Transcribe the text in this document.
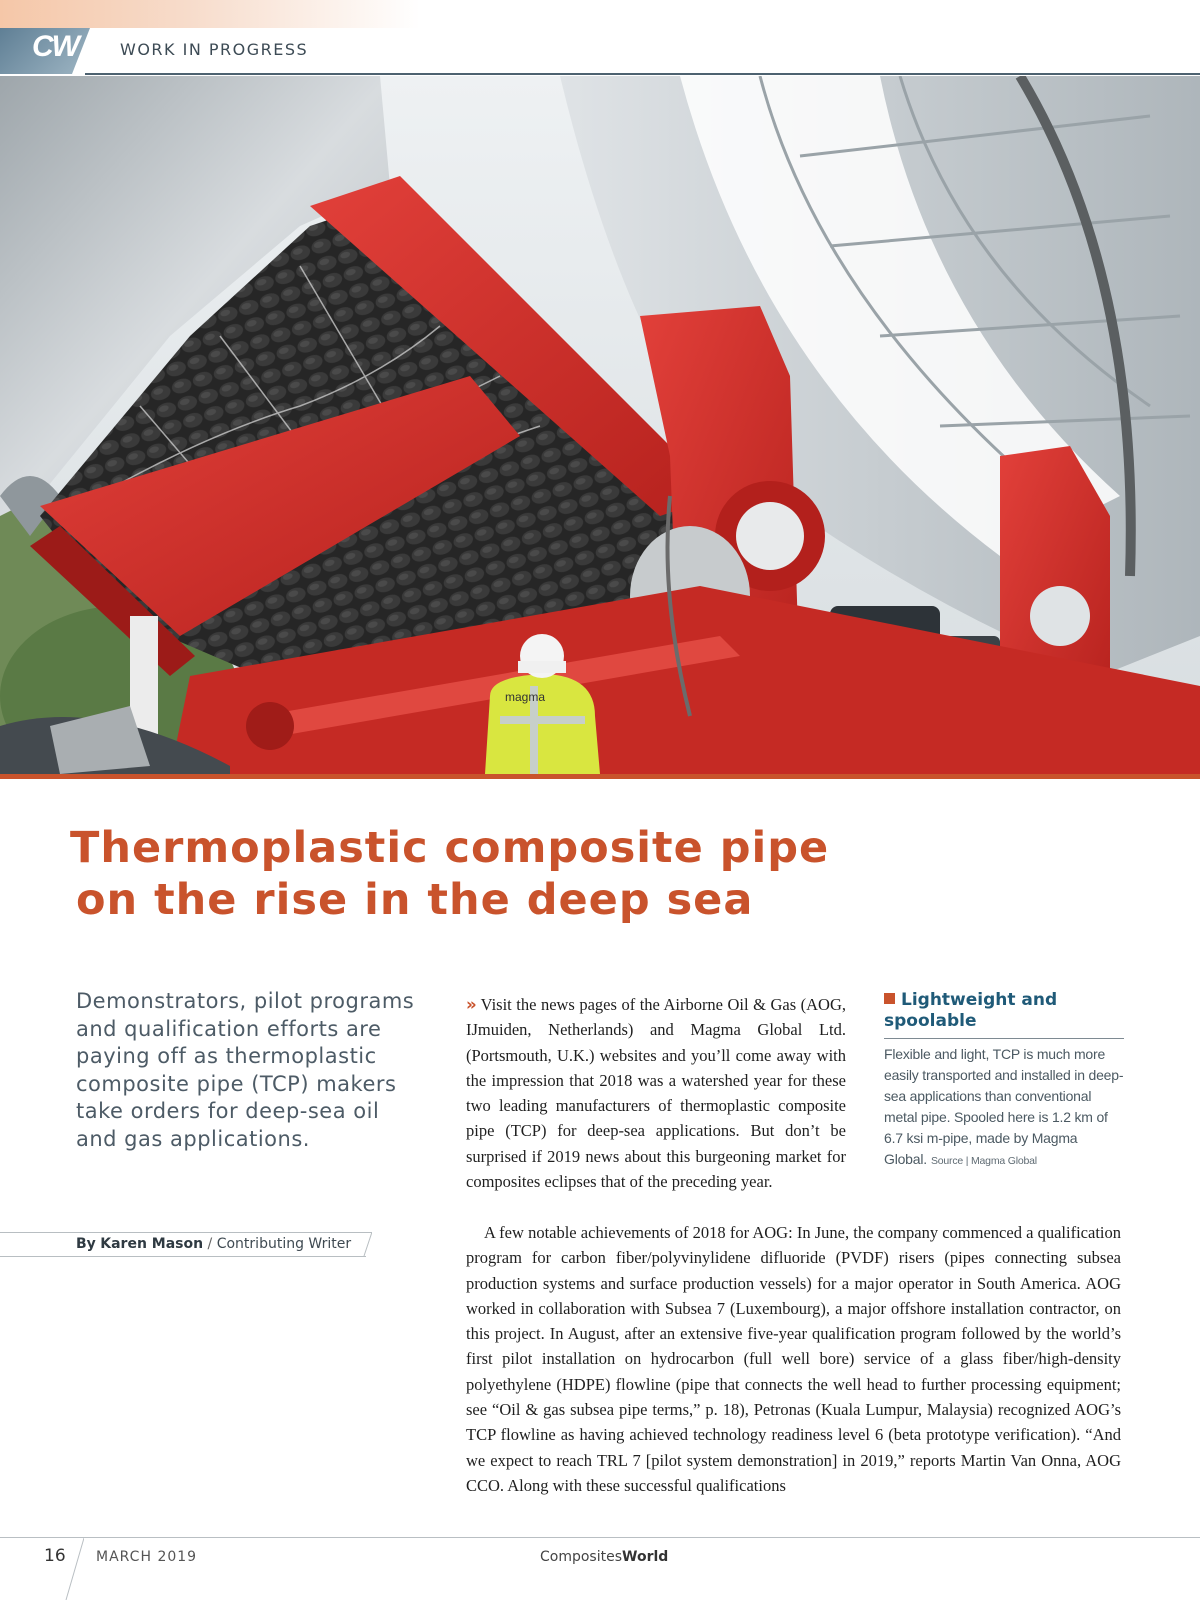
CW	WORK IN PROGRESS
magma
Thermoplastic composite pipe
on the rise in the deep sea
Demonstrators, pilot programs and qualification efforts are paying off as thermoplastic composite pipe (TCP) makers take orders for deep-sea oil and gas applications.
By Karen Mason / Contributing Writer
» Visit the news pages of the Airborne Oil & Gas (AOG, IJmuiden, Netherlands) and Magma Global Ltd. (Portsmouth, U.K.) websites and you’ll come away with the impression that 2018 was a watershed year for these two leading manufacturers of thermoplastic composite pipe (TCP) for deep-sea applications. But don’t be surprised if 2019 news about this burgeoning market for composites eclipses that of the preceding year.
A few notable achievements of 2018 for AOG: In June, the company commenced a qualification program for carbon fiber/polyvinylidene difluoride (PVDF) risers (pipes connecting subsea production systems and surface production vessels) for a major operator in South America. AOG worked in collaboration with Subsea 7 (Luxembourg), a major offshore installation contractor, on this project. In August, after an extensive five-year qualification program followed by the world’s first pilot installation on hydrocarbon (full well bore) service of a glass fiber/high-density polyethylene (HDPE) flowline (pipe that connects the well head to further processing equipment; see “Oil & gas subsea pipe terms,” p. 18), Petronas (Kuala Lumpur, Malaysia) recognized AOG’s TCP flowline as having achieved technology readiness level 6 (beta prototype verification). “And we expect to reach TRL 7 [pilot system demonstration] in 2019,” reports Martin Van Onna, AOG CCO. Along with these successful qualifications
Lightweight and spoolable
Flexible and light, TCP is much more easily transported and installed in deep-sea applications than conventional metal pipe. Spooled here is 1.2 km of 6.7 ksi m-pipe, made by Magma Global. Source | Magma Global
16 MARCH 2019	CompositesWorld
